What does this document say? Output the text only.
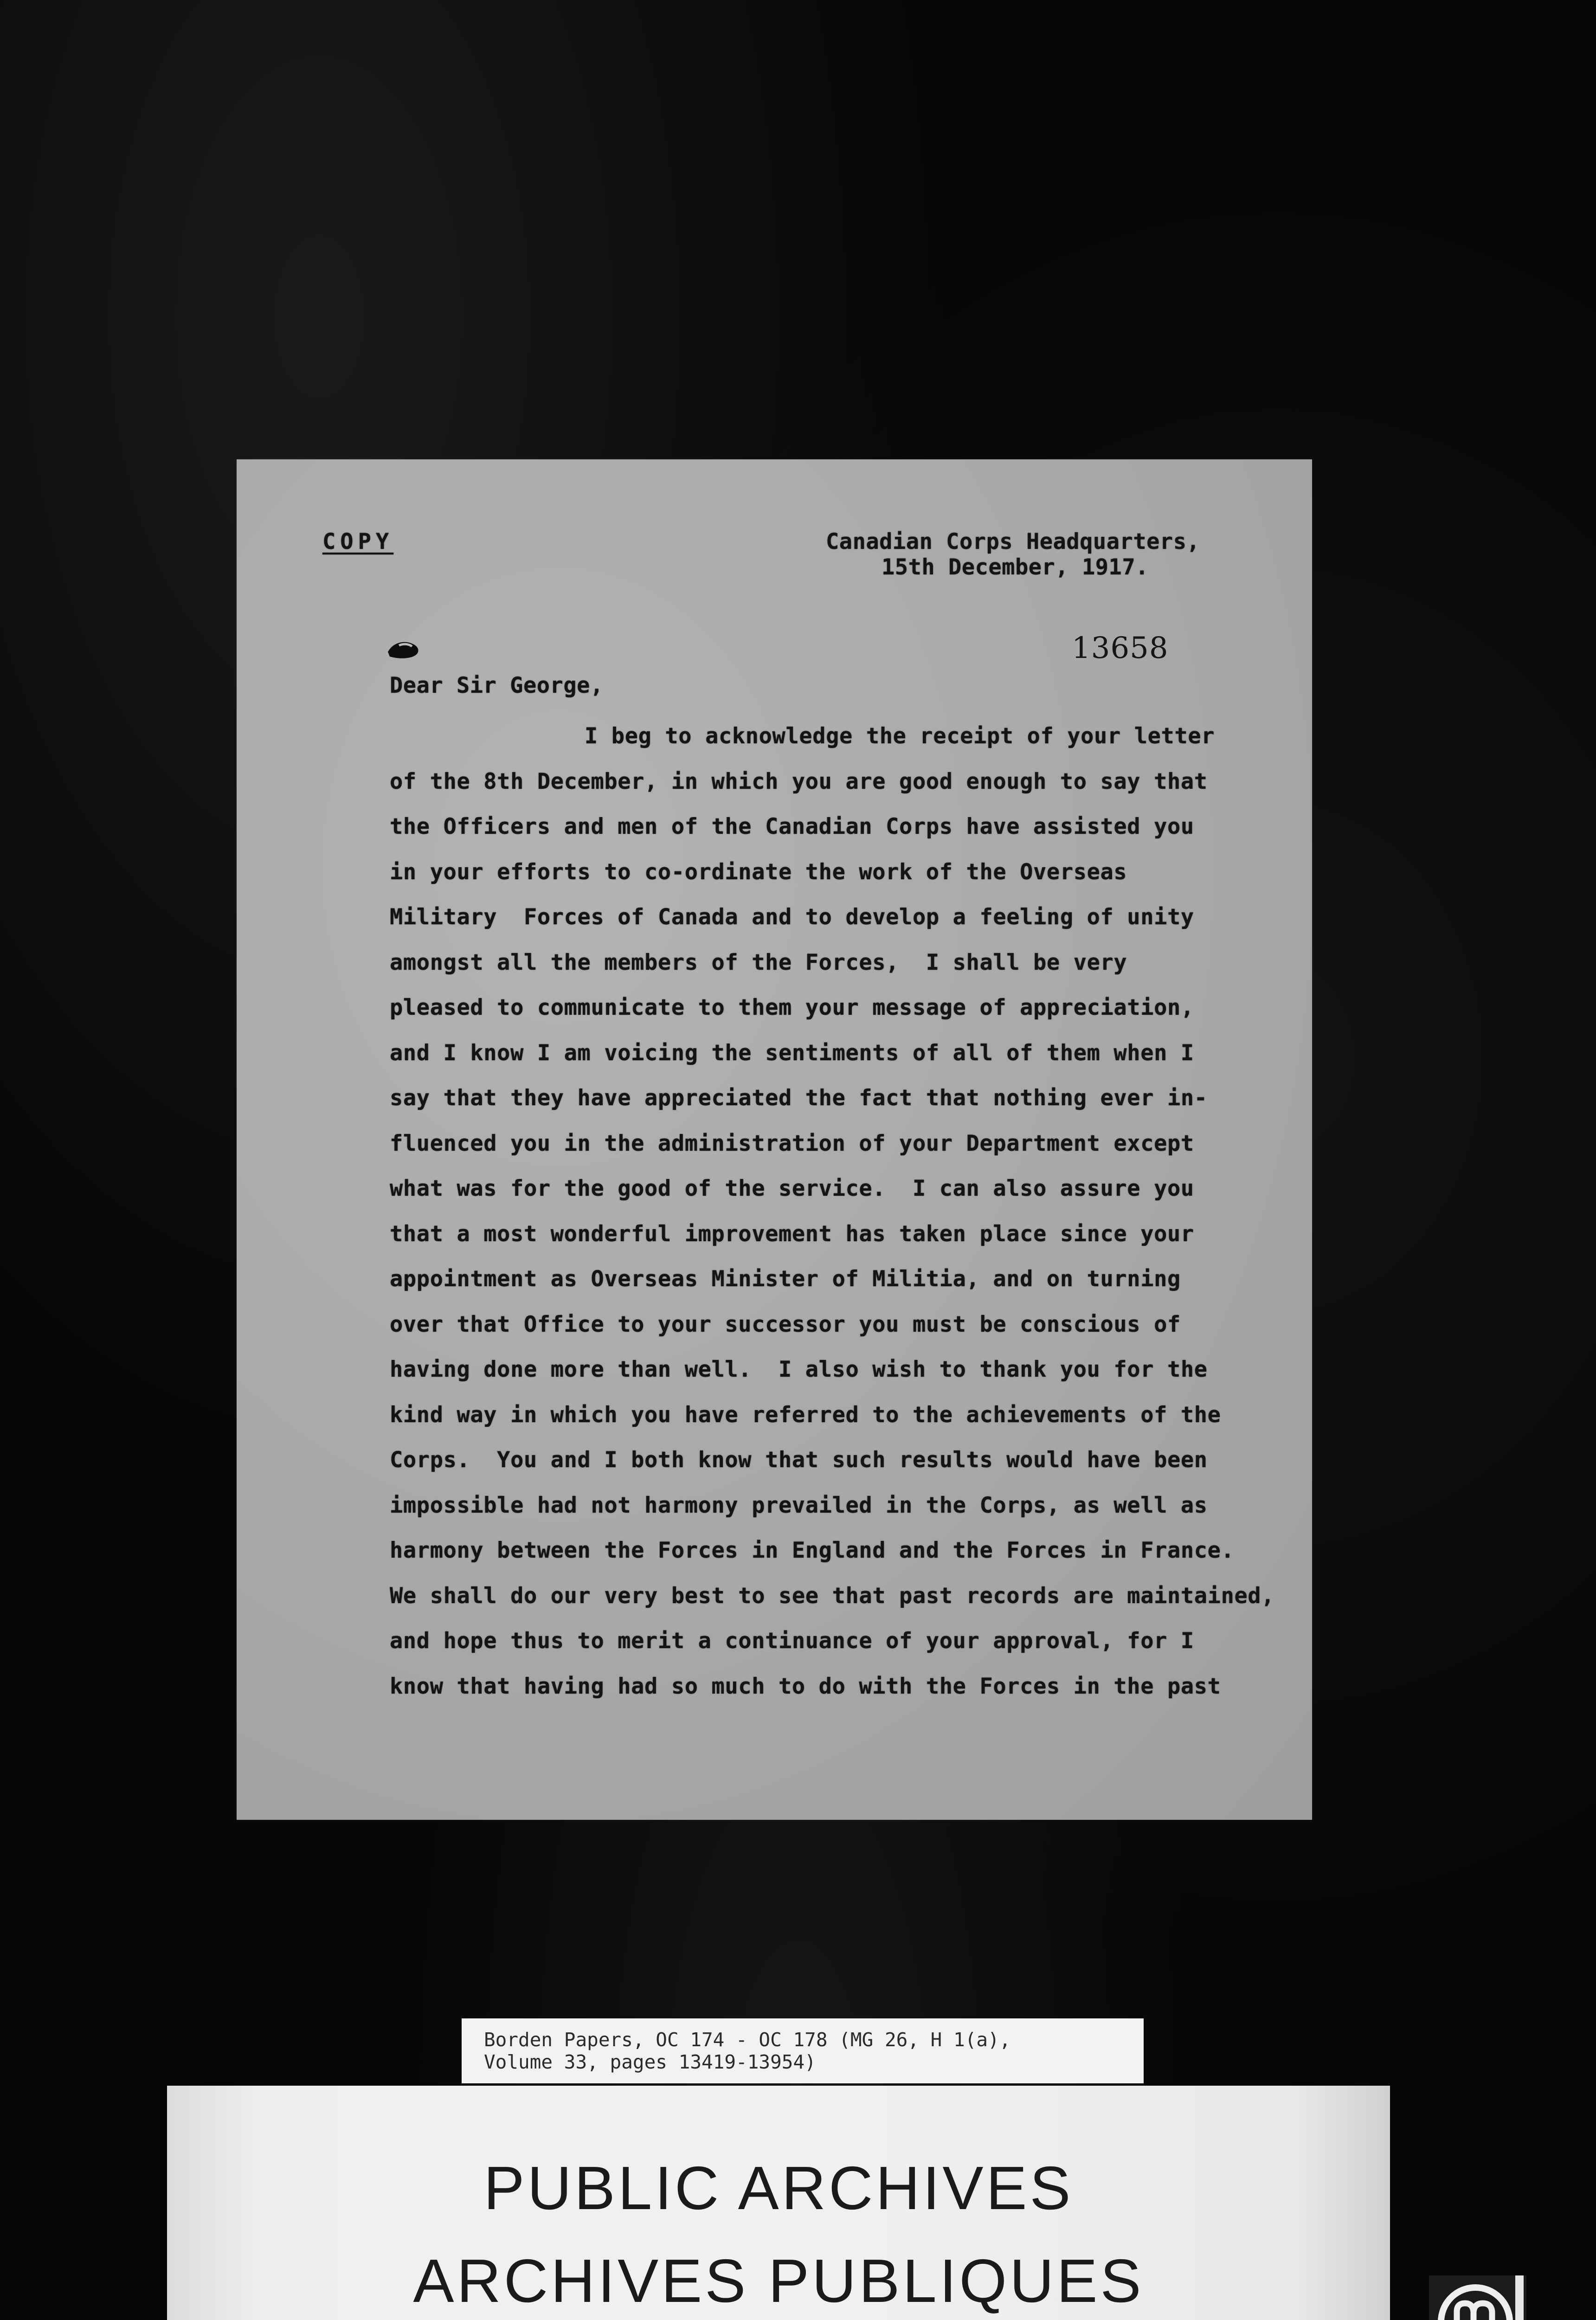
COPY	Canadian Corps Headquarters,
15th December, 1917.
13658
Dear Sir George,
I beg to acknowledge the receipt of your letter
of the 8th December, in which you are good enough to say that
the Officers and men of the Canadian Corps have assisted you
in your efforts to co-ordinate the work of the Overseas
Military  Forces of Canada and to develop a feeling of unity
amongst all the members of the Forces,  I shall be very
pleased to communicate to them your message of appreciation,
and I know I am voicing the sentiments of all of them when I
say that they have appreciated the fact that nothing ever in-
fluenced you in the administration of your Department except
what was for the good of the service.  I can also assure you
that a most wonderful improvement has taken place since your
appointment as Overseas Minister of Militia, and on turning
over that Office to your successor you must be conscious of
having done more than well.  I also wish to thank you for the
kind way in which you have referred to the achievements of the
Corps.  You and I both know that such results would have been
impossible had not harmony prevailed in the Corps, as well as
harmony between the Forces in England and the Forces in France.
We shall do our very best to see that past records are maintained,
and hope thus to merit a continuance of your approval, for I
know that having had so much to do with the Forces in the past
Borden Papers, OC 174 - OC 178 (MG 26, H 1(a),
Volume 33, pages 13419-13954)
PUBLIC ARCHIVES
ARCHIVES PUBLIQUES
